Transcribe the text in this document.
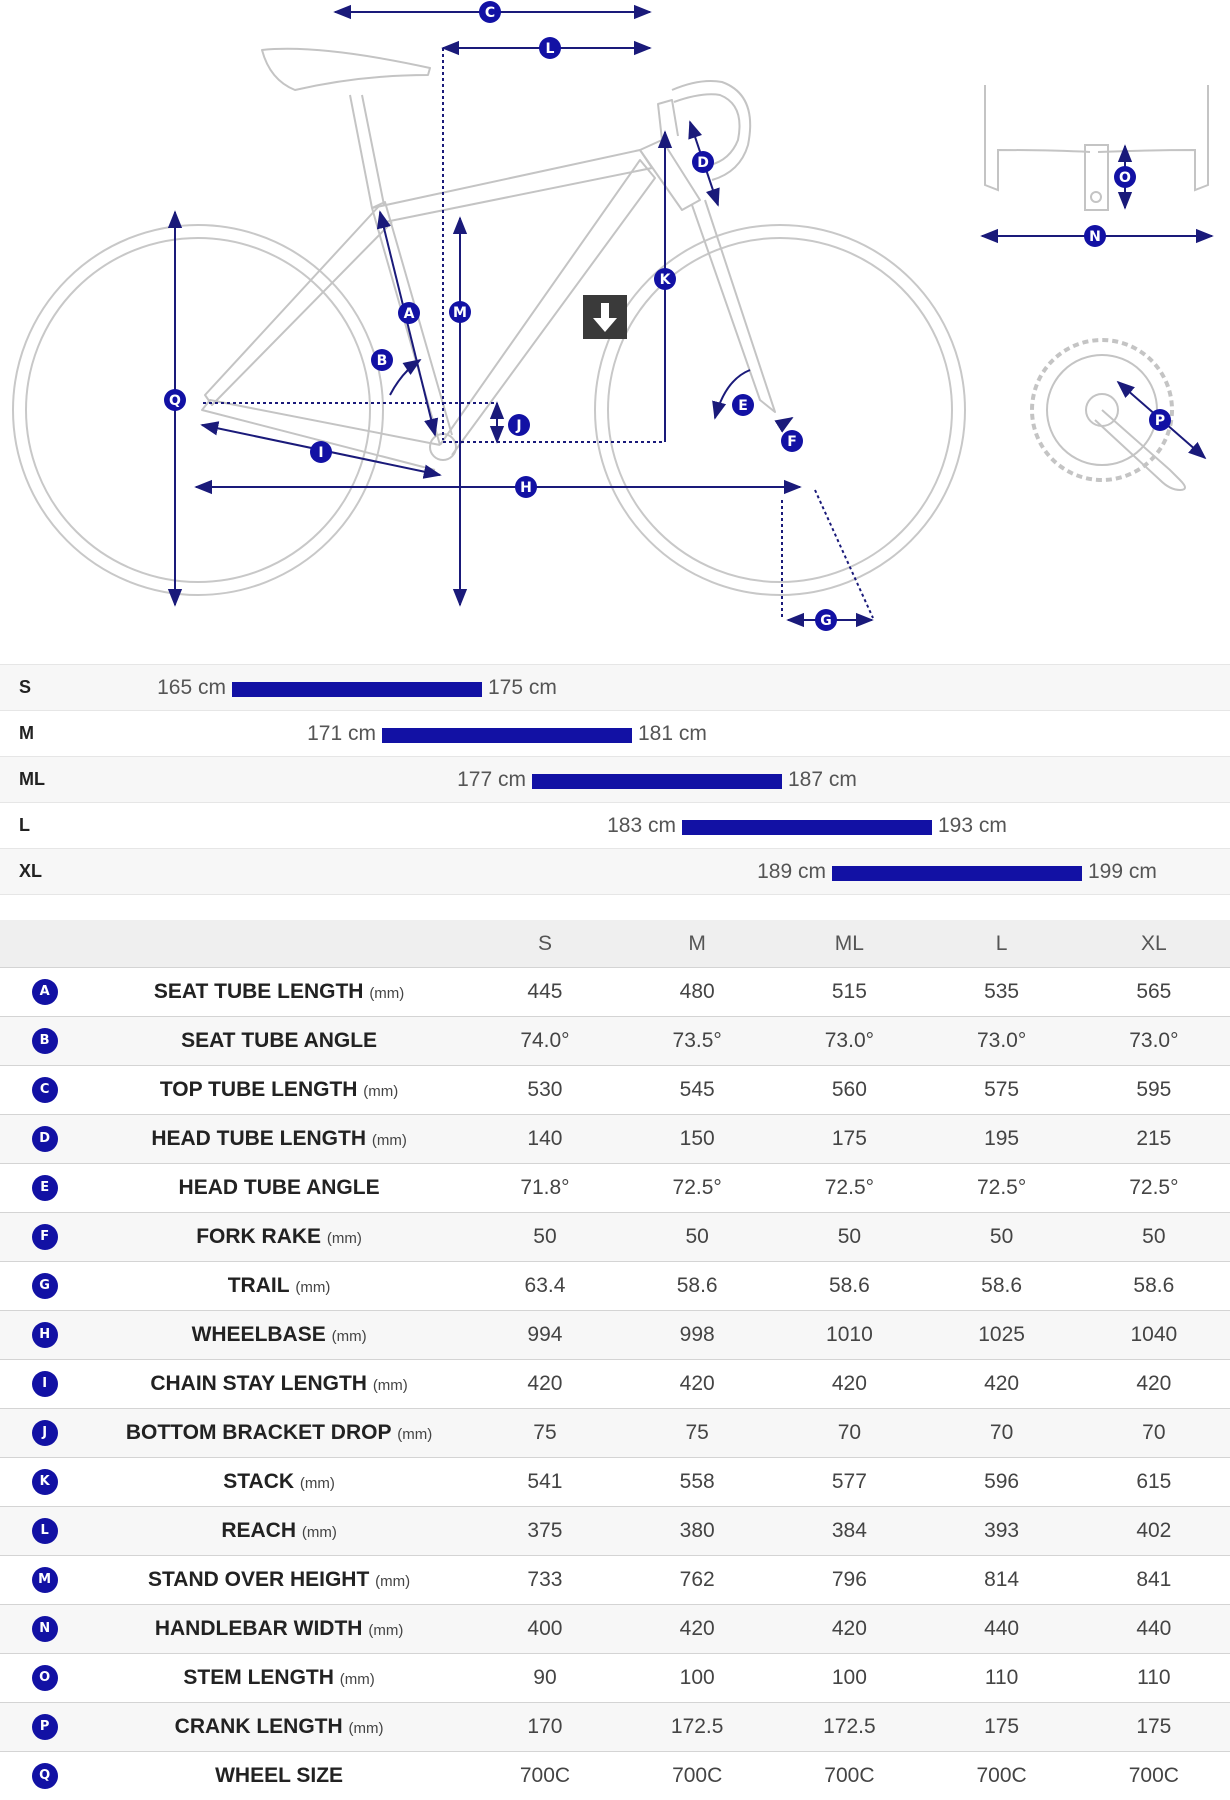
C
L
D
K
M
A
B
Q
J
I
H
E
F
G
N
O
P
S	165 cm	175 cm
M	171 cm	181 cm
ML	177 cm	187 cm
L	183 cm	193 cm
XL	189 cm	199 cm
		S	M	ML	L	XL
A	SEAT TUBE LENGTH (mm)	445	480	515	535	565
B	SEAT TUBE ANGLE	74.0°	73.5°	73.0°	73.0°	73.0°
C	TOP TUBE LENGTH (mm)	530	545	560	575	595
D	HEAD TUBE LENGTH (mm)	140	150	175	195	215
E	HEAD TUBE ANGLE	71.8°	72.5°	72.5°	72.5°	72.5°
F	FORK RAKE (mm)	50	50	50	50	50
G	TRAIL (mm)	63.4	58.6	58.6	58.6	58.6
H	WHEELBASE (mm)	994	998	1010	1025	1040
I	CHAIN STAY LENGTH (mm)	420	420	420	420	420
J	BOTTOM BRACKET DROP (mm)	75	75	70	70	70
K	STACK (mm)	541	558	577	596	615
L	REACH (mm)	375	380	384	393	402
M	STAND OVER HEIGHT (mm)	733	762	796	814	841
N	HANDLEBAR WIDTH (mm)	400	420	420	440	440
O	STEM LENGTH (mm)	90	100	100	110	110
P	CRANK LENGTH (mm)	170	172.5	172.5	175	175
Q	WHEEL SIZE	700C	700C	700C	700C	700C
